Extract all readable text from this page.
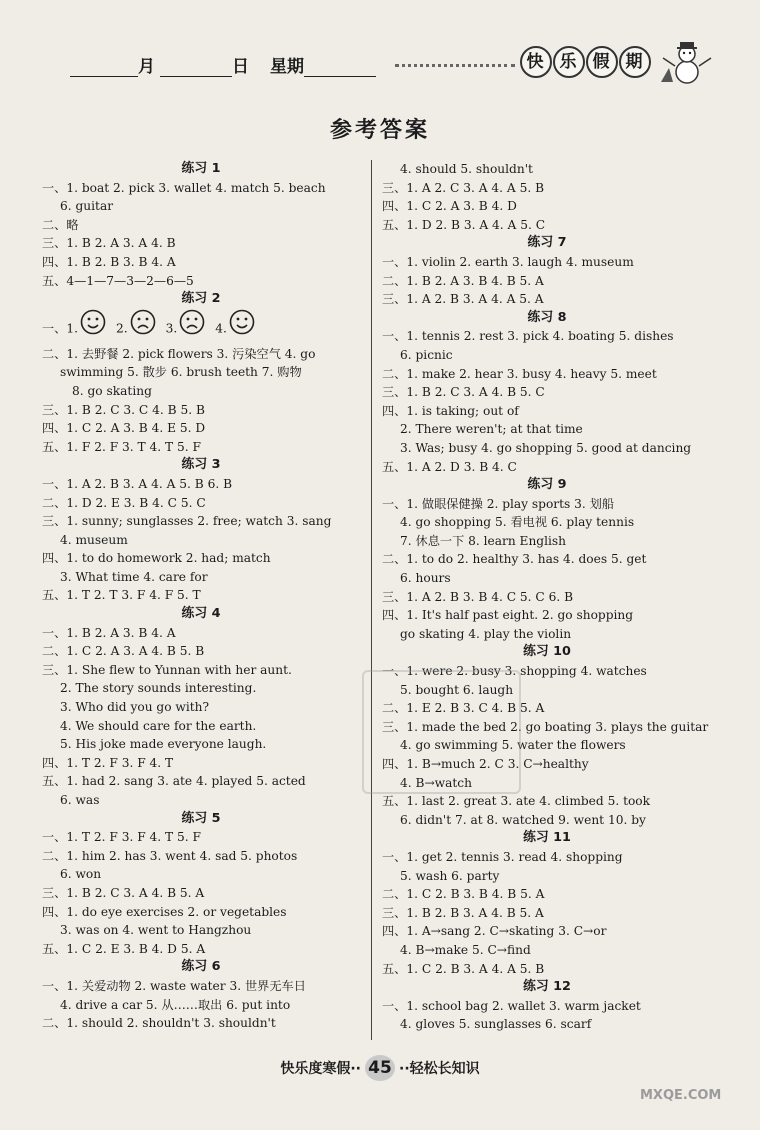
月	日 星期	快 乐 假 期
参考答案
练习 1
一、1. boat 2. pick 3. wallet 4. match 5. beach
6. guitar
二、略
三、1. B 2. A 3. A 4. B
四、1. B 2. B 3. B 4. A
五、4—1—7—3—2—6—5
练习 2
一、1.	2.	3.	4.
二、1. 去野餐 2. pick flowers 3. 污染空气 4. go
swimming 5. 散步 6. brush teeth 7. 购物
8. go skating
三、1. B 2. C 3. C 4. B 5. B
四、1. C 2. A 3. B 4. E 5. D
五、1. F 2. F 3. T 4. T 5. F
练习 3
一、1. A 2. B 3. A 4. A 5. B 6. B
二、1. D 2. E 3. B 4. C 5. C
三、1. sunny; sunglasses 2. free; watch 3. sang
4. museum
四、1. to do homework 2. had; match
3. What time 4. care for
五、1. T 2. T 3. F 4. F 5. T
练习 4
一、1. B 2. A 3. B 4. A
二、1. C 2. A 3. A 4. B 5. B
三、1. She flew to Yunnan with her aunt.
2. The story sounds interesting.
3. Who did you go with?
4. We should care for the earth.
5. His joke made everyone laugh.
四、1. T 2. F 3. F 4. T
五、1. had 2. sang 3. ate 4. played 5. acted
6. was
练习 5
一、1. T 2. F 3. F 4. T 5. F
二、1. him 2. has 3. went 4. sad 5. photos
6. won
三、1. B 2. C 3. A 4. B 5. A
四、1. do eye exercises 2. or vegetables
3. was on 4. went to Hangzhou
五、1. C 2. E 3. B 4. D 5. A
练习 6
一、1. 关爱动物 2. waste water 3. 世界无车日
4. drive a car 5. 从……取出 6. put into
二、1. should 2. shouldn't 3. shouldn't
4. should 5. shouldn't
三、1. A 2. C 3. A 4. A 5. B
四、1. C 2. A 3. B 4. D
五、1. D 2. B 3. A 4. A 5. C
练习 7
一、1. violin 2. earth 3. laugh 4. museum
二、1. B 2. A 3. B 4. B 5. A
三、1. A 2. B 3. A 4. A 5. A
练习 8
一、1. tennis 2. rest 3. pick 4. boating 5. dishes
6. picnic
二、1. make 2. hear 3. busy 4. heavy 5. meet
三、1. B 2. C 3. A 4. B 5. C
四、1. is taking; out of
2. There weren't; at that time
3. Was; busy 4. go shopping 5. good at dancing
五、1. A 2. D 3. B 4. C
练习 9
一、1. 做眼保健操 2. play sports 3. 划船
4. go shopping 5. 看电视 6. play tennis
7. 休息一下 8. learn English
二、1. to do 2. healthy 3. has 4. does 5. get
6. hours
三、1. A 2. B 3. B 4. C 5. C 6. B
四、1. It's half past eight. 2. go shopping
go skating 4. play the violin
练习 10
一、1. were 2. busy 3. shopping 4. watches
5. bought 6. laugh
二、1. E 2. B 3. C 4. B 5. A
三、1. made the bed 2. go boating 3. plays the guitar
4. go swimming 5. water the flowers
四、1. B→much 2. C 3. C→healthy
4. B→watch
五、1. last 2. great 3. ate 4. climbed 5. took
6. didn't 7. at 8. watched 9. went 10. by
练习 11
一、1. get 2. tennis 3. read 4. shopping
5. wash 6. party
二、1. C 2. B 3. B 4. B 5. A
三、1. B 2. B 3. A 4. B 5. A
四、1. A→sang 2. C→skating 3. C→or
4. B→make 5. C→find
五、1. C 2. B 3. A 4. A 5. B
练习 12
一、1. school bag 2. wallet 3. warm jacket
4. gloves 5. sunglasses 6. scarf
快乐度寒假·· 45 ··轻松长知识
MXQE.COM
